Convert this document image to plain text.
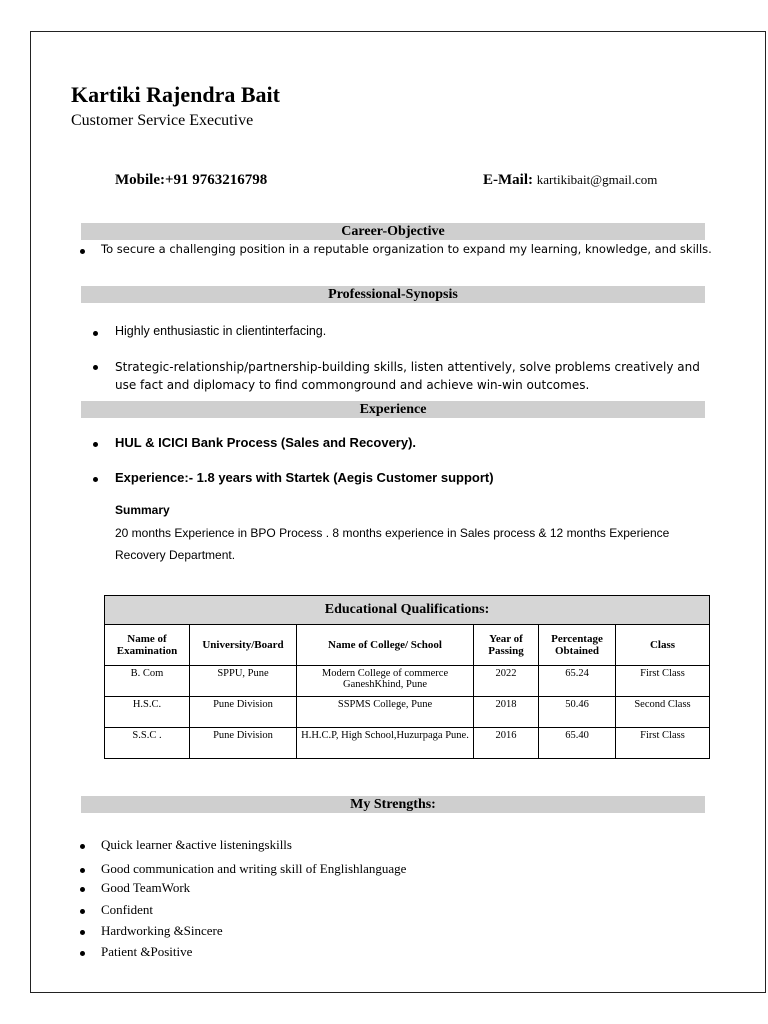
Kartiki Rajendra Bait
Customer Service Executive
Mobile:+91 9763216798	E-Mail: kartikibait@gmail.com
Career-Objective
To secure a challenging position in a reputable organization to expand my learning, knowledge, and skills.
Professional-Synopsis
Highly enthusiastic in clientinterfacing.
Strategic-relationship/partnership-building skills, listen attentively, solve problems creatively and use fact and diplomacy to find commonground and achieve win-win outcomes.
Experience
HUL & ICICI Bank Process (Sales and Recovery).
Experience:- 1.8 years with Startek (Aegis Customer support)
Summary
20 months Experience in BPO Process . 8 months experience in Sales process & 12 months Experience Recovery Department.
Educational Qualifications:					
Name of Examination	University/Board	Name of College/ School	Year of Passing	Percentage Obtained	Class
B. Com	SPPU, Pune	Modern College of commerce GaneshKhind, Pune	2022	65.24	First Class
H.S.C.	Pune Division	SSPMS College, Pune	2018	50.46	Second Class
S.S.C .	Pune Division	H.H.C.P, High School,Huzurpaga Pune.	2016	65.40	First Class
My Strengths:
Quick learner &active listeningskills
Good communication and writing skill of Englishlanguage
Good TeamWork
Confident
Hardworking &Sincere
Patient &Positive
